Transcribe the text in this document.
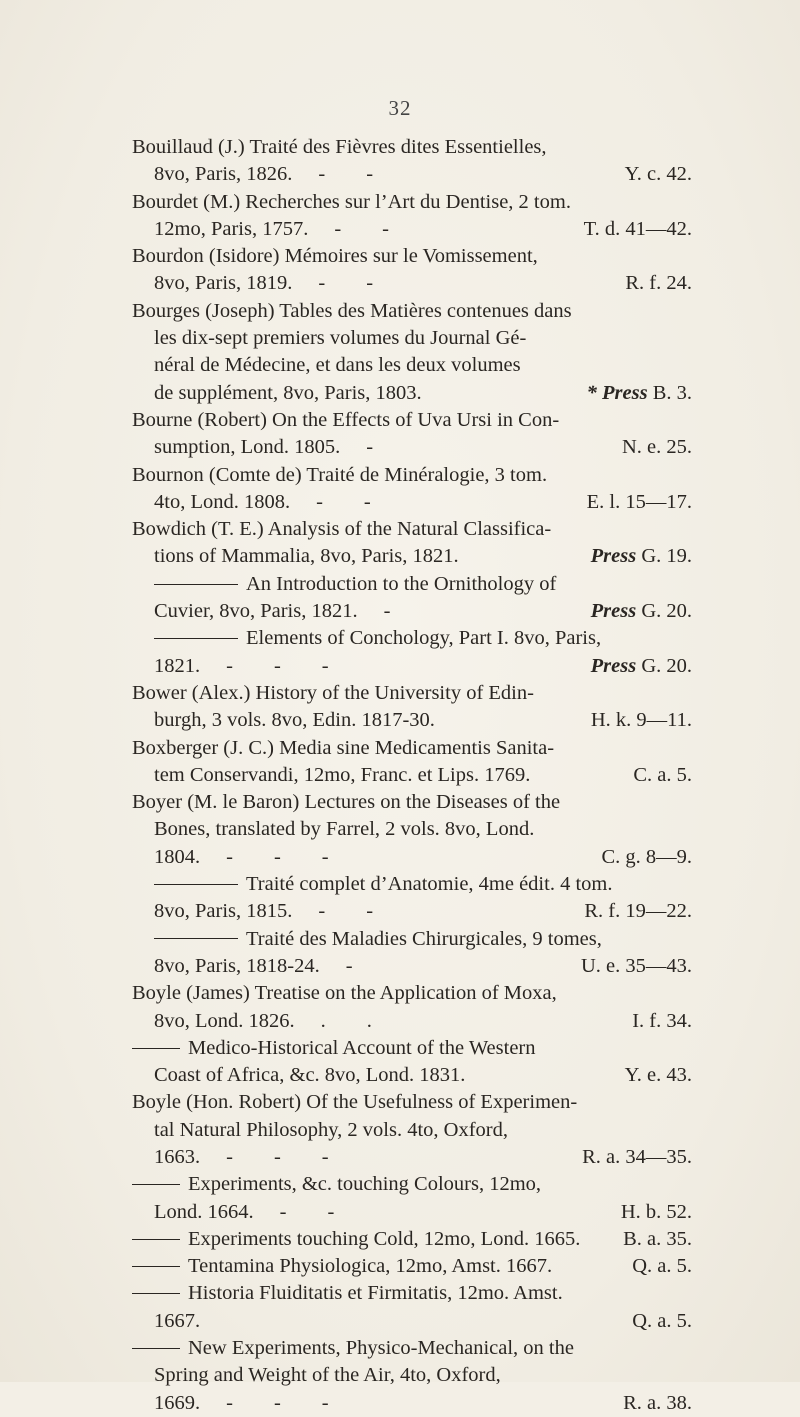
32
Bouillaud (J.) Traité des Fièvres dites Essentielles,
8vo, Paris, 1826. -        -	Y. c. 42.
Bourdet (M.) Recherches sur l’Art du Dentise, 2 tom.
12mo, Paris, 1757. -        -	T. d. 41—42.
Bourdon (Isidore) Mémoires sur le Vomissement,
8vo, Paris, 1819. -        -	R. f. 24.
Bourges (Joseph) Tables des Matières contenues dans
les dix-sept premiers volumes du Journal Gé-
néral de Médecine, et dans les deux volumes
de supplément, 8vo, Paris, 1803.	* Press B. 3.
Bourne (Robert) On the Effects of Uva Ursi in Con-
sumption, Lond. 1805. -	N. e. 25.
Bournon (Comte de) Traité de Minéralogie, 3 tom.
4to, Lond. 1808. -        -	E. l. 15—17.
Bowdich (T. E.) Analysis of the Natural Classifica-
tions of Mammalia, 8vo, Paris, 1821.	Press G. 19.
An Introduction to the Ornithology of
Cuvier, 8vo, Paris, 1821. -	Press G. 20.
Elements of Conchology, Part I. 8vo, Paris,
1821. -        -        -	Press G. 20.
Bower (Alex.) History of the University of Edin-
burgh, 3 vols. 8vo, Edin. 1817-30.	H. k. 9—11.
Boxberger (J. C.) Media sine Medicamentis Sanita-
tem Conservandi, 12mo, Franc. et Lips. 1769.	C. a. 5.
Boyer (M. le Baron) Lectures on the Diseases of the
Bones, translated by Farrel, 2 vols. 8vo, Lond.
1804. -        -        -	C. g. 8—9.
Traité complet d’Anatomie, 4me édit. 4 tom.
8vo, Paris, 1815. -        -	R. f. 19—22.
Traité des Maladies Chirurgicales, 9 tomes,
8vo, Paris, 1818-24. -	U. e. 35—43.
Boyle (James) Treatise on the Application of Moxa,
8vo, Lond. 1826. .        .	I. f. 34.
Medico-Historical Account of the Western
Coast of Africa, &c. 8vo, Lond. 1831.	Y. e. 43.
Boyle (Hon. Robert) Of the Usefulness of Experimen-
tal Natural Philosophy, 2 vols. 4to, Oxford,
1663. -        -        -	R. a. 34—35.
Experiments, &c. touching Colours, 12mo,
Lond. 1664. -        -	H. b. 52.
Experiments touching Cold, 12mo, Lond. 1665. B. a. 35.
Tentamina Physiologica, 12mo, Amst. 1667.	Q. a. 5.
Historia Fluiditatis et Firmitatis, 12mo. Amst.
1667.	Q. a. 5.
New Experiments, Physico-Mechanical, on the
Spring and Weight of the Air, 4to, Oxford,
1669. -        -        -	R. a. 38.
